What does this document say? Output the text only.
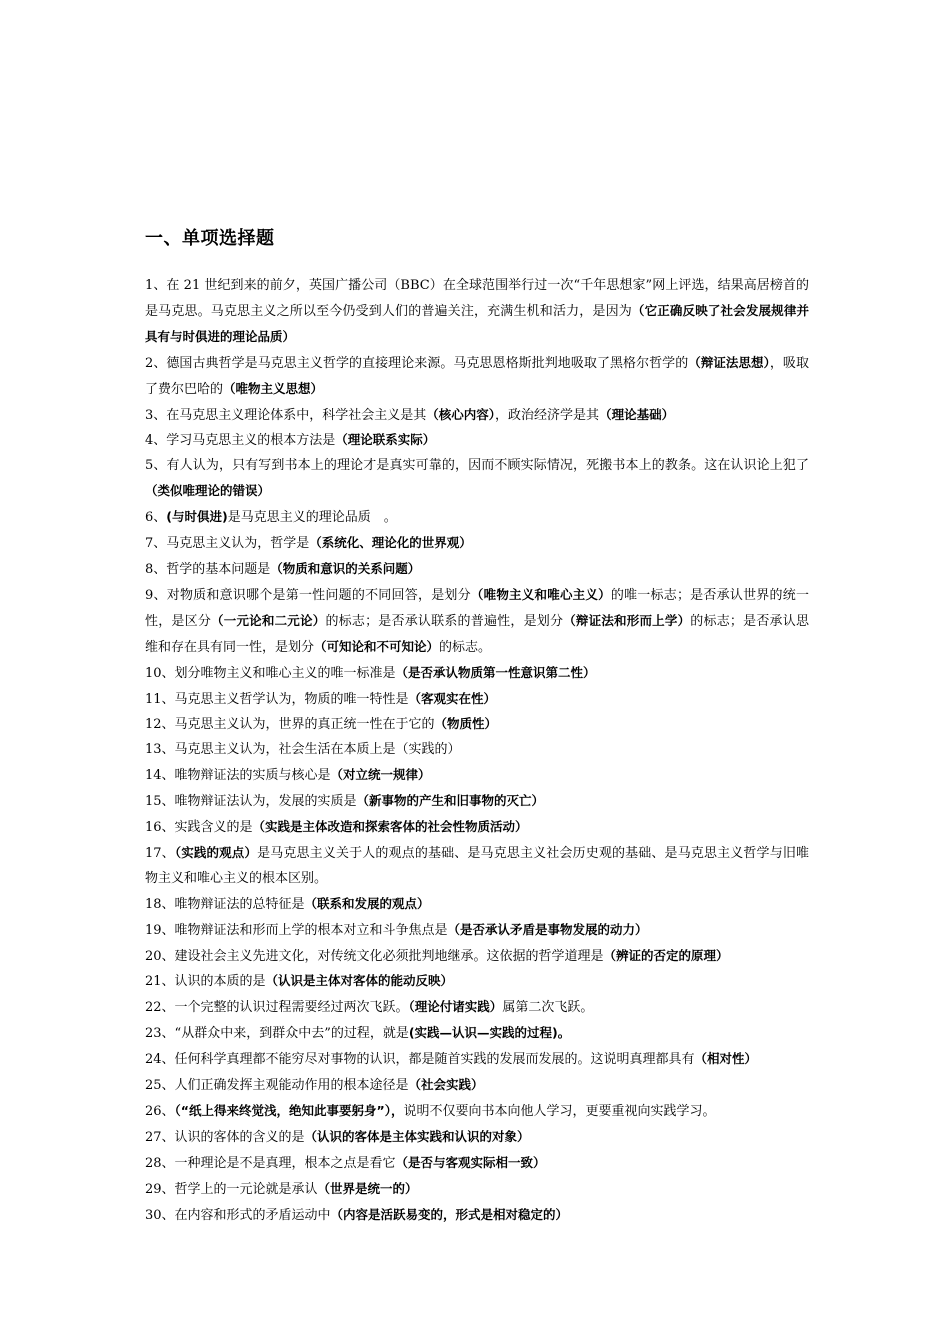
一、单项选择题

1、在 21 世纪到来的前夕，英国广播公司（BBC）在全球范围举行过一次“千年思想家”网上评选，结果高居榜首的是马克思。马克思主义之所以至今仍受到人们的普遍关注，充满生机和活力，是因为（它正确反映了社会发展规律并具有与时俱进的理论品质）

2、德国古典哲学是马克思主义哲学的直接理论来源。马克思恩格斯批判地吸取了黑格尔哲学的（辩证法思想），吸取了费尔巴哈的（唯物主义思想）

3、在马克思主义理论体系中，科学社会主义是其（核心内容），政治经济学是其（理论基础）

4、学习马克思主义的根本方法是（理论联系实际）

5、有人认为，只有写到书本上的理论才是真实可靠的，因而不顾实际情况，死搬书本上的教条。这在认识论上犯了（类似唯理论的错误）

6、(与时俱进)是马克思主义的理论品质　。

7、马克思主义认为，哲学是（系统化、理论化的世界观）

8、哲学的基本问题是（物质和意识的关系问题）

9、对物质和意识哪个是第一性问题的不同回答，是划分（唯物主义和唯心主义）的唯一标志；是否承认世界的统一性，是区分（一元论和二元论）的标志；是否承认联系的普遍性，是划分（辩证法和形而上学）的标志；是否承认思维和存在具有同一性，是划分（可知论和不可知论）的标志。

10、划分唯物主义和唯心主义的唯一标准是（是否承认物质第一性意识第二性）

11、马克思主义哲学认为，物质的唯一特性是（客观实在性）

12、马克思主义认为，世界的真正统一性在于它的（物质性）

13、马克思主义认为，社会生活在本质上是（实践的）

14、唯物辩证法的实质与核心是（对立统一规律）

15、唯物辩证法认为，发展的实质是（新事物的产生和旧事物的灭亡）

16、实践含义的是（实践是主体改造和探索客体的社会性物质活动）

17、（实践的观点）是马克思主义关于人的观点的基础、是马克思主义社会历史观的基础、是马克思主义哲学与旧唯物主义和唯心主义的根本区别。

18、唯物辩证法的总特征是（联系和发展的观点）

19、唯物辩证法和形而上学的根本对立和斗争焦点是（是否承认矛盾是事物发展的动力）

20、建设社会主义先进文化，对传统文化必须批判地继承。这依据的哲学道理是（辨证的否定的原理）

21、认识的本质的是（认识是主体对客体的能动反映）

22、一个完整的认识过程需要经过两次飞跃。（理论付诸实践）属第二次飞跃。

23、“从群众中来，到群众中去”的过程，就是(实践—认识—实践的过程)。

24、任何科学真理都不能穷尽对事物的认识，都是随首实践的发展而发展的。这说明真理都具有（相对性）

25、人们正确发挥主观能动作用的根本途径是（社会实践）

26、（“纸上得来终觉浅，绝知此事要躬身”），说明不仅要向书本向他人学习，更要重视向实践学习。

27、认识的客体的含义的是（认识的客体是主体实践和认识的对象）

28、一种理论是不是真理，根本之点是看它（是否与客观实际相一致）

29、哲学上的一元论就是承认（世界是统一的）

30、在内容和形式的矛盾运动中（内容是活跃易变的，形式是相对稳定的）
